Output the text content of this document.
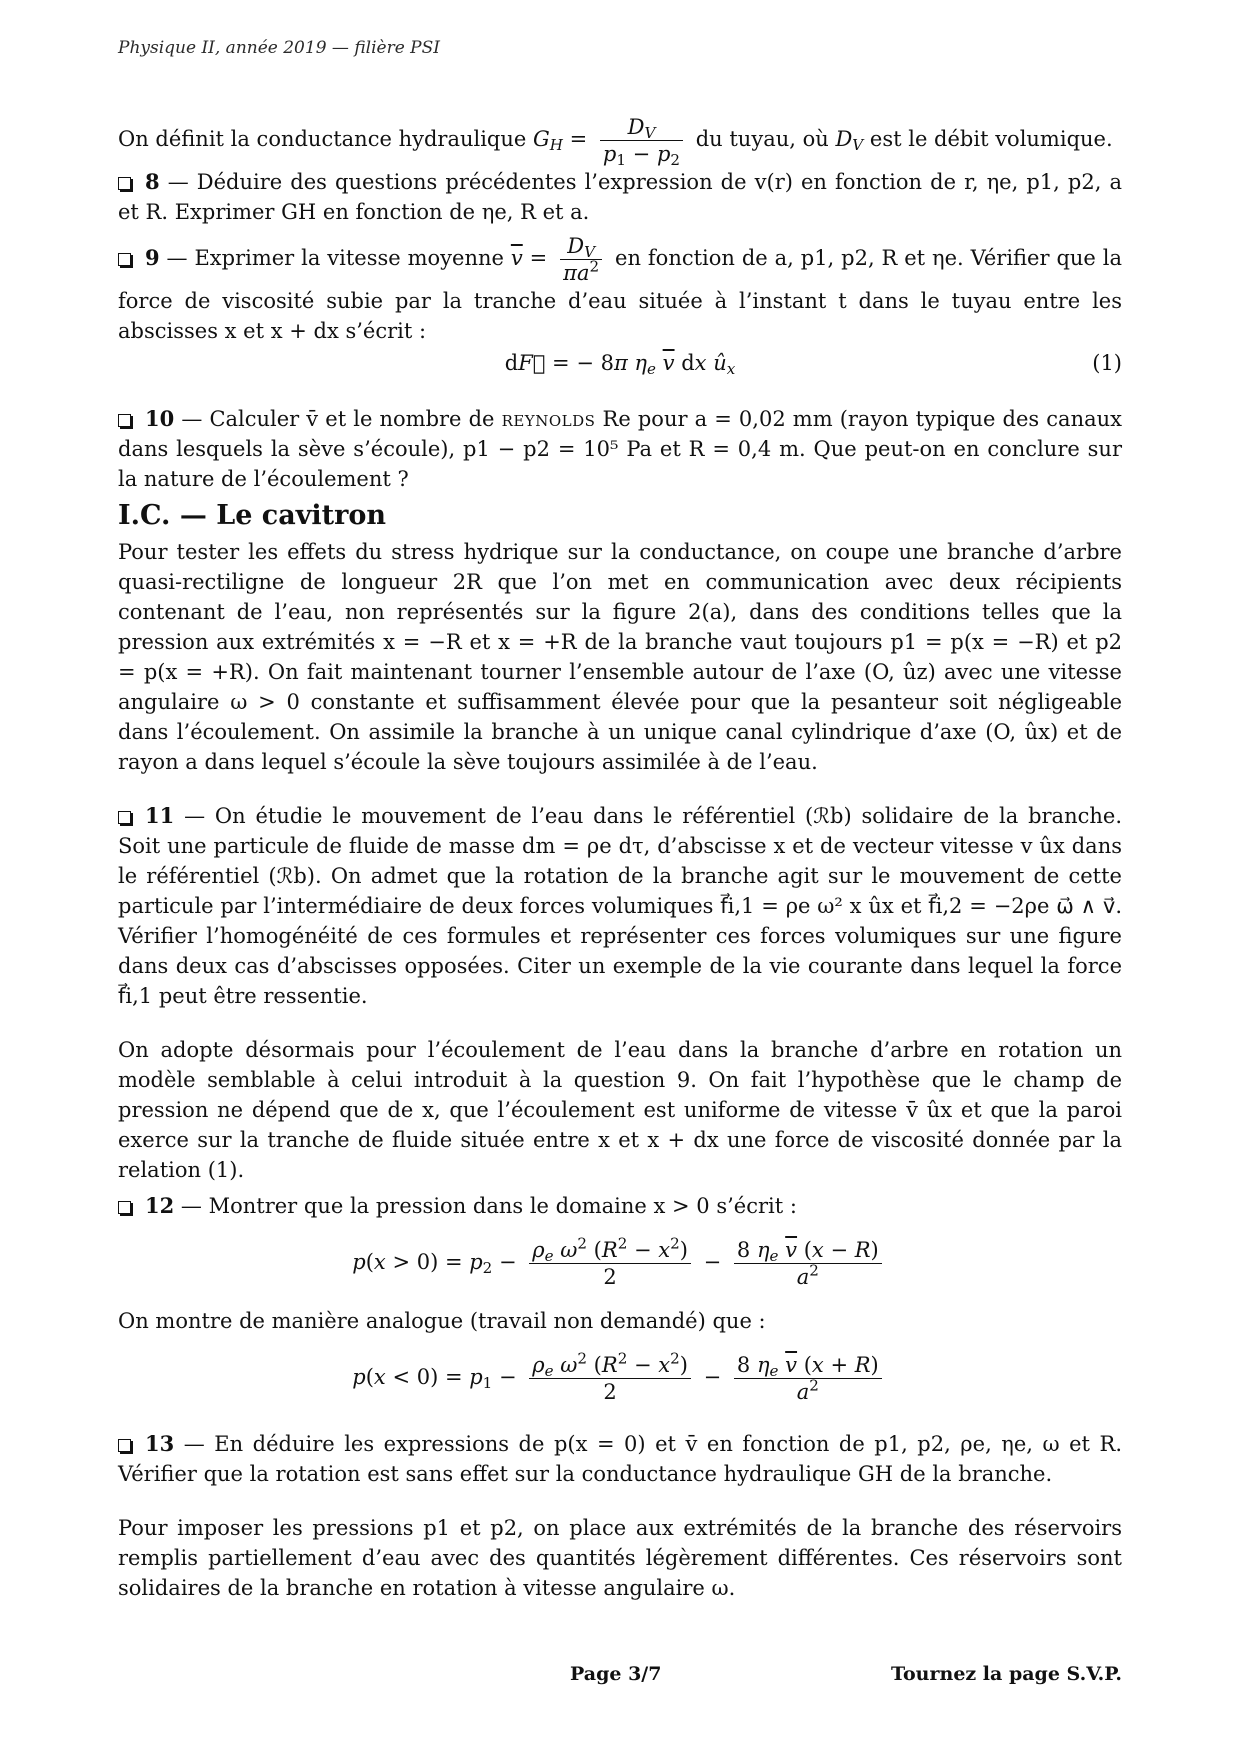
Physique II, année 2019 — filière PSI

On définit la conductance hydraulique $G_H = \frac{D_V}{p_1 - p_2}$ du tuyau, où $D_V$ est le débit volumique.

8 — Déduire des questions précédentes l’expression de v(r) en fonction de r, ηe, p1, p2, a et R. Exprimer GH en fonction de ηe, R et a.

9 — Exprimer la vitesse moyenne $\overline{v} = \frac{D_V}{\pi a^2}$ en fonction de a, p1, p2, R et ηe. Vérifier que la force de viscosité subie par la tranche d’eau située à l’instant t dans le tuyau entre les abscisses x et x + dx s’écrit :

dF⃗ = − 8π $\eta_e$ $\overline{v}$ dx $û_x$	(1)

10 — Calculer v̄ et le nombre de reynolds Re pour a = 0,02 mm (rayon typique des canaux dans lesquels la sève s’écoule), p1 − p2 = 10⁵ Pa et R = 0,4 m. Que peut-on en conclure sur la nature de l’écoulement ?

I.C. — Le cavitron

Pour tester les effets du stress hydrique sur la conductance, on coupe une branche d’arbre quasi-rectiligne de longueur 2R que l’on met en communication avec deux récipients contenant de l’eau, non représentés sur la figure 2(a), dans des conditions telles que la pression aux extrémités x = −R et x = +R de la branche vaut toujours p1 = p(x = −R) et p2 = p(x = +R). On fait maintenant tourner l’ensemble autour de l’axe (O, ûz) avec une vitesse angulaire ω > 0 constante et suffisamment élevée pour que la pesanteur soit négligeable dans l’écoulement. On assimile la branche à un unique canal cylindrique d’axe (O, ûx) et de rayon a dans lequel s’écoule la sève toujours assimilée à de l’eau.

11 — On étudie le mouvement de l’eau dans le référentiel (ℛb) solidaire de la branche. Soit une particule de fluide de masse dm = ρe dτ, d’abscisse x et de vecteur vitesse v ûx dans le référentiel (ℛb). On admet que la rotation de la branche agit sur le mouvement de cette particule par l’intermédiaire de deux forces volumiques f⃗i,1 = ρe ω² x ûx et f⃗i,2 = −2ρe ω⃗ ∧ v⃗. Vérifier l’homogénéité de ces formules et représenter ces forces volumiques sur une figure dans deux cas d’abscisses opposées. Citer un exemple de la vie courante dans lequel la force f⃗i,1 peut être ressentie.

On adopte désormais pour l’écoulement de l’eau dans la branche d’arbre en rotation un modèle semblable à celui introduit à la question 9. On fait l’hypothèse que le champ de pression ne dépend que de x, que l’écoulement est uniforme de vitesse v̄ ûx et que la paroi exerce sur la tranche de fluide située entre x et x + dx une force de viscosité donnée par la relation (1).

12 — Montrer que la pression dans le domaine x > 0 s’écrit :

$p(x > 0) = p_2 - \frac{\rho_e \omega^2 (R^2 - x^2)}{2} - \frac{8 \eta_e \overline{v} (x - R)}{a^2}$

On montre de manière analogue (travail non demandé) que :

$p(x < 0) = p_1 - \frac{\rho_e \omega^2 (R^2 - x^2)}{2} - \frac{8 \eta_e \overline{v} (x + R)}{a^2}$

13 — En déduire les expressions de p(x = 0) et v̄ en fonction de p1, p2, ρe, ηe, ω et R. Vérifier que la rotation est sans effet sur la conductance hydraulique GH de la branche.

Pour imposer les pressions p1 et p2, on place aux extrémités de la branche des réservoirs remplis partiellement d’eau avec des quantités légèrement différentes. Ces réservoirs sont solidaires de la branche en rotation à vitesse angulaire ω.

Page 3/7	Tournez la page S.V.P.
